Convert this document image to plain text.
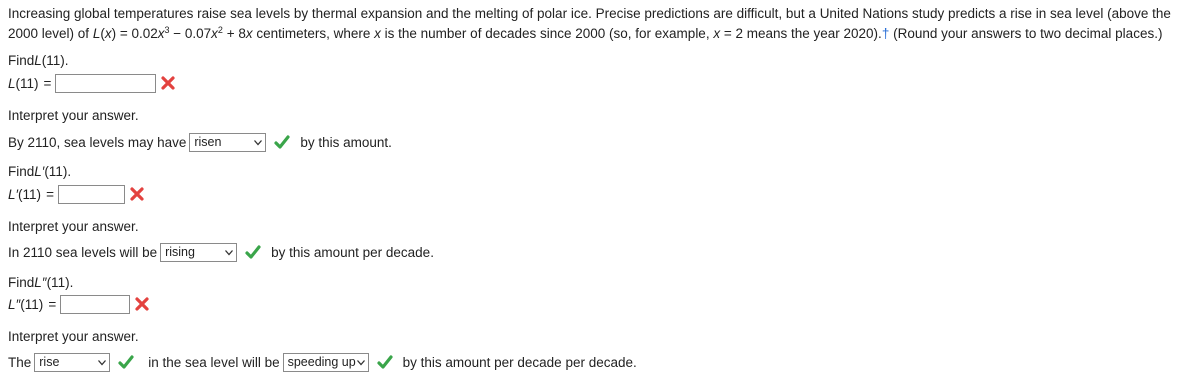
Increasing global temperatures raise sea levels by thermal expansion and the melting of polar ice. Precise predictions are difficult, but a United Nations study predicts a rise in sea level (above the 2000 level) of $L(x) = 0.02x^3 - 0.07x^2 + 8x$ centimeters, where x is the number of decades since 2000 (so, for example, x = 2 means the year 2020).† (Round your answers to two decimal places.)
Find L (11).
L (11) =
Interpret your answer.
By 2110, sea levels may have risen	by this amount.
Find L′ (11).
L′ (11) =
Interpret your answer.
In 2110 sea levels will be rising	by this amount per decade.
Find L″ (11).
L″ (11) =
Interpret your answer.
The rise	in the sea level will be speeding up	by this amount per decade per decade.
